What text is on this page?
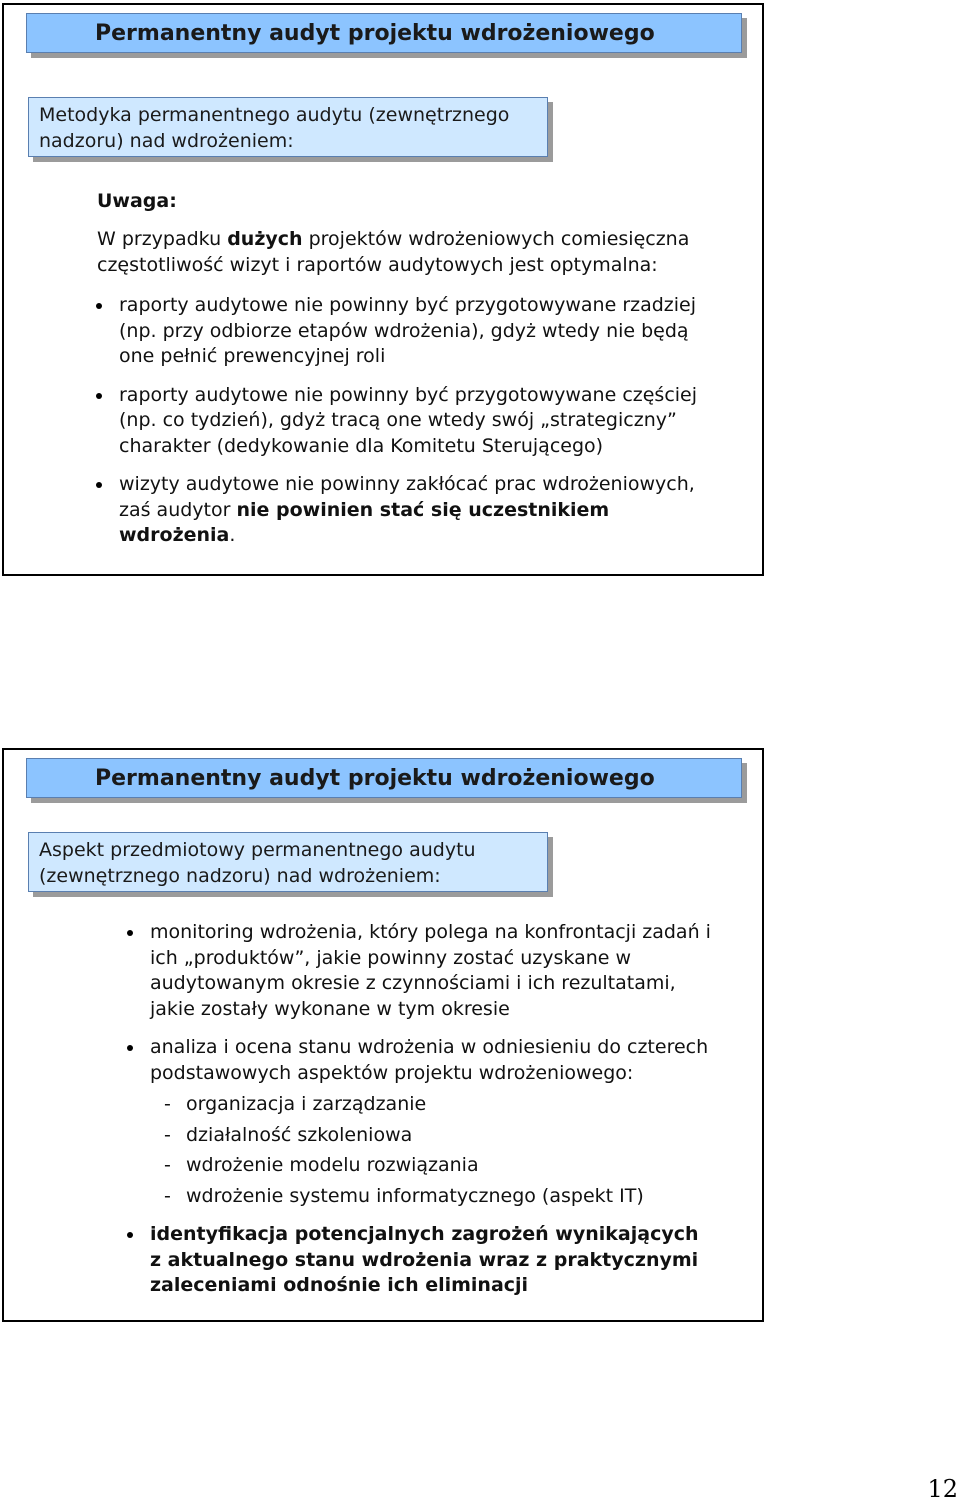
Permanentny audyt projektu wdrożeniowego
Metodyka permanentnego audytu (zewnętrznego
nadzoru) nad wdrożeniem:
Uwaga:
W przypadku dużych projektów wdrożeniowych comiesięczna
częstotliwość wizyt i raportów audytowych jest optymalna:
raporty audytowe nie powinny być przygotowywane rzadziej
(np. przy odbiorze etapów wdrożenia), gdyż wtedy nie będą
one pełnić prewencyjnej roli
raporty audytowe nie powinny być przygotowywane częściej
(np. co tydzień), gdyż tracą one wtedy swój „strategiczny”
charakter (dedykowanie dla Komitetu Sterującego)
wizyty audytowe nie powinny zakłócać prac wdrożeniowych,
zaś audytor nie powinien stać się uczestnikiem
wdrożenia.
Permanentny audyt projektu wdrożeniowego
Aspekt przedmiotowy permanentnego audytu
(zewnętrznego nadzoru) nad wdrożeniem:
monitoring wdrożenia, który polega na konfrontacji zadań i
ich „produktów”, jakie powinny zostać uzyskane w
audytowanym okresie z czynnościami i ich rezultatami,
jakie zostały wykonane w tym okresie
analiza i ocena stanu wdrożenia w odniesieniu do czterech
podstawowych aspektów projektu wdrożeniowego:
- organizacja i zarządzanie
- działalność szkoleniowa
- wdrożenie modelu rozwiązania
- wdrożenie systemu informatycznego (aspekt IT)
identyfikacja potencjalnych zagrożeń wynikających
z aktualnego stanu wdrożenia wraz z praktycznymi
zaleceniami odnośnie ich eliminacji
12
